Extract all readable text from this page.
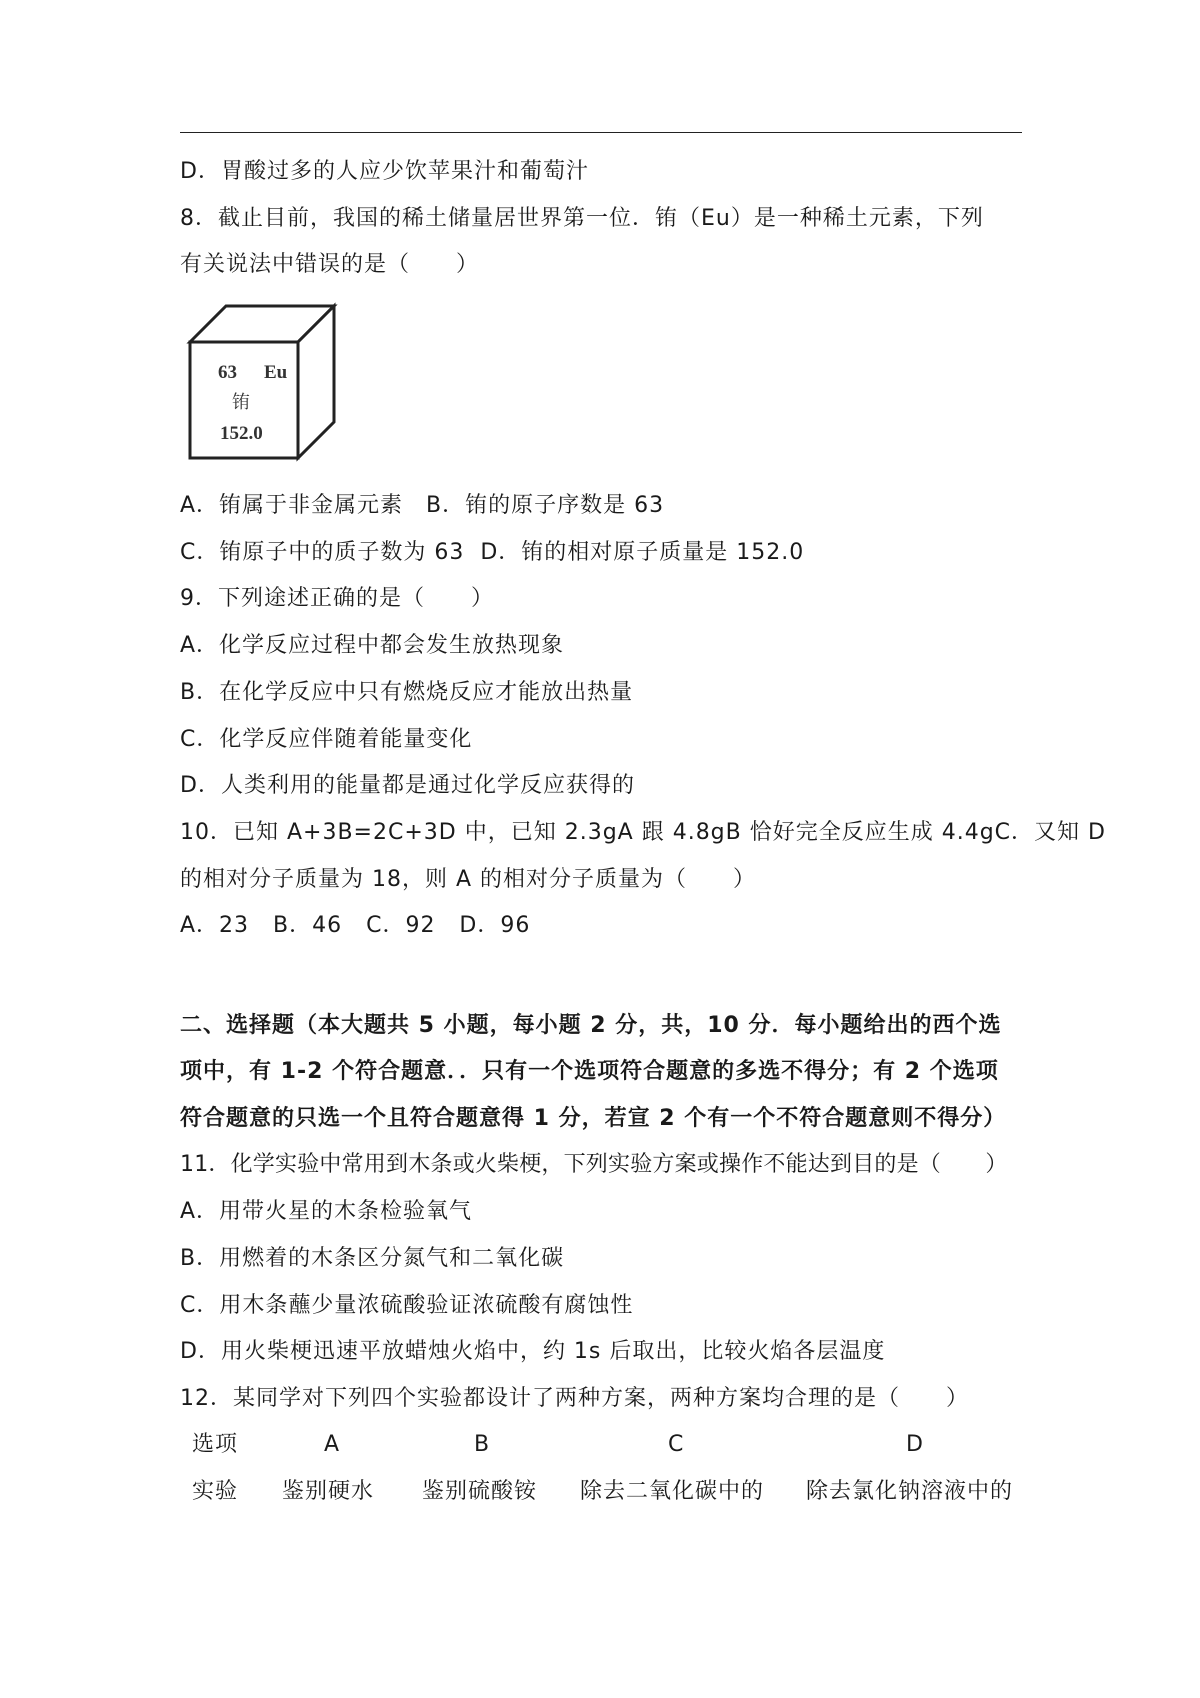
D．胃酸过多的人应少饮苹果汁和葡萄汁
8．截止目前，我国的稀土储量居世界第一位．铕（Eu）是一种稀土元素，下列
有关说法中错误的是（　　）
63 Eu
铕
152.0
A．铕属于非金属元素　B．铕的原子序数是 63
C．铕原子中的质子数为 63  D．铕的相对原子质量是 152.0
9．下列途述正确的是（　　）
A．化学反应过程中都会发生放热现象
B．在化学反应中只有燃烧反应才能放出热量
C．化学反应伴随着能量变化
D．人类利用的能量都是通过化学反应获得的
10．已知 A+3B=2C+3D 中，已知 2.3gA 跟 4.8gB 恰好完全反应生成 4.4gC．又知 D
的相对分子质量为 18，则 A 的相对分子质量为（　　）
A．23   B．46   C．92   D．96
二、选择题（本大题共 5 小题，每小题 2 分，共，10 分．每小题给出的西个选
项中，有 1-2 个符合题意．．只有一个选项符合题意的多选不得分；有 2 个选项
符合题意的只选一个且符合题意得 1 分，若宣 2 个有一个不符合题意则不得分）
11．化学实验中常用到木条或火柴梗，下列实验方案或操作不能达到目的是（　　）
A．用带火星的木条检验氧气
B．用燃着的木条区分氮气和二氧化碳
C．用木条蘸少量浓硫酸验证浓硫酸有腐蚀性
D．用火柴梗迅速平放蜡烛火焰中，约 1s 后取出，比较火焰各层温度
12．某同学对下列四个实验都设计了两种方案，两种方案均合理的是（　　）
选项	A	B	C	D
实验 鉴别硬水 鉴别硫酸铵 除去二氧化碳中的 除去氯化钠溶液中的
